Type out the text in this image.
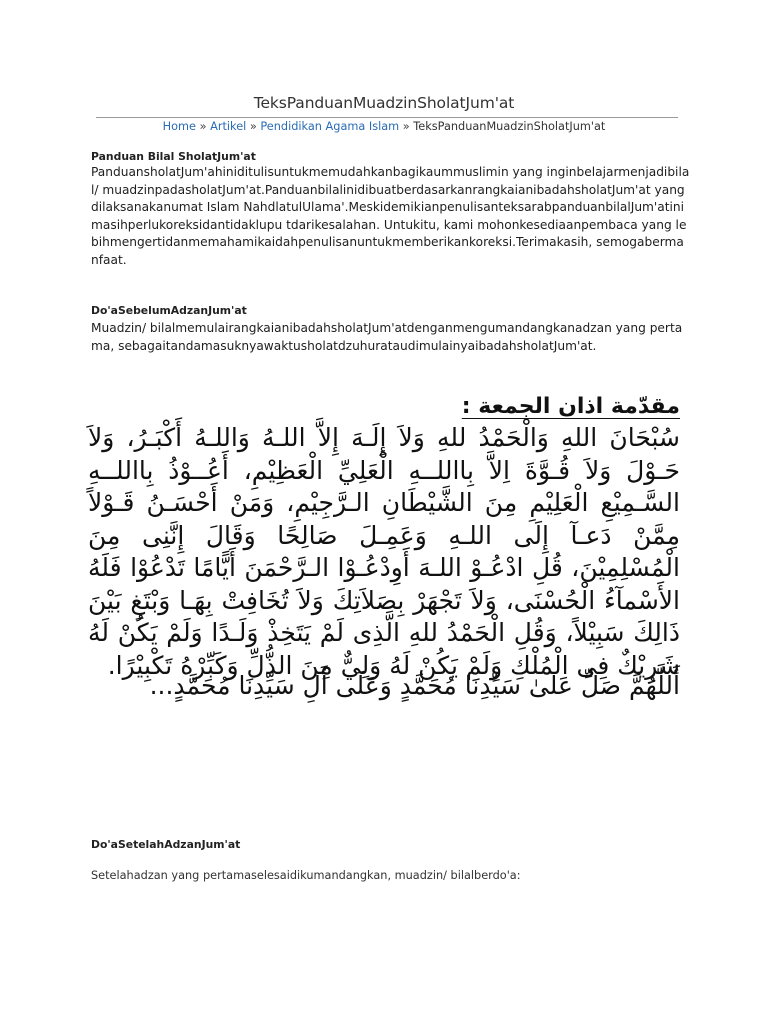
TeksPanduanMuadzinSholatJum'at
Home » Artikel » Pendidikan Agama Islam » TeksPanduanMuadzinSholatJum'at
Panduan Bilal SholatJum'at

PanduansholatJum'ahiniditulisuntukmemudahkanbagikaummuslimin yang inginbelajarmenjadibilal/ muadzinpadasholatJum'at.PanduanbilalinidibuatberdasarkanrangkaianibadahsholatJum'at yang dilaksanakanumat Islam NahdlatulUlama'.MeskidemikianpenulisanteksarabpanduanbilalJum'atinimasihperlukoreksidantidaklupu tdarikesalahan. Untukitu, kami mohonkesediaanpembaca yang lebihmengertidanmemahamikaidahpenulisanuntukmemberikankoreksi.Terimakasih, semogabermanfaat.

Do'aSebelumAdzanJum'at

Muadzin/ bilalmemulairangkaianibadahsholatJum'atdenganmengumandangkanadzan yang pertama, sebagaitandamasuknyawaktusholatdzuhurataudimulainyaibadahsholatJum'at.

مقدّمة اذان الجمعة :

سُبْحَانَ اللهِ وَالْحَمْدُ للهِ وَلاَ إِلَـهَ إِلاَّ اللـهُ وَاللـهُ أَكْبَـرُ، وَلاَ حَـوْلَ وَلاَ قُـوَّةَ اِلاَّ بِااللــهِ الْعَلِيِّ الْعَظِيْمِ، أَعُــوْذُ بِااللــهِ السَّـمِيْعِ الْعَلِيْمِ مِنَ الشَّيْطَانِ الـرَّجِيْمِ، وَمَنْ أَحْسَـنُ قَـوْلاً مِمَّنْ دَعـآ إِلَى اللـهِ وَعَمِـلَ صَالِحًا وَقَالَ إِنَّنِى مِنَ الْمُسْلِمِيْنَ، قُلِ ادْعُـوْ اللـهَ أَوِدْعُـوْا الـرَّحْمَنَ أَيًّامًا تَدْعُوْا فَلَهُ الأَسْمآءُ الْحُسْنَى، وَلاَ تَجْهَرْ بِصَلاَتِكَ وَلاَ تُخَافِتْ بِهَـا وَبْتَغِ بَيْنَ ذَالِكَ سَبِيْلاً، وَقُلِ الْحَمْدُ للهِ الَّذِى لَمْ يَتَخِذْ وَلَـدًا وَلَمْ يَكُنْ لَهُ شَرِيْكٌ فِى الْمُلْكِ وَلَمْ يَكُنْ لَهُ وَلِيٌّ مِنَ الذُّلِّ وَكَبِّرْهُ تَكْبِيْرًا.

أَللَّهُمَّ صَلِّ عَلىٰ سَيِّدِنَا مُحَمَّدٍ وَعَلَى أَلِ سَيِّدِنَا مُحَمَّدٍ...

Do'aSetelahAdzanJum'at

Setelahadzan yang pertamaselesaidikumandangkan, muadzin/ bilalberdo'a:
